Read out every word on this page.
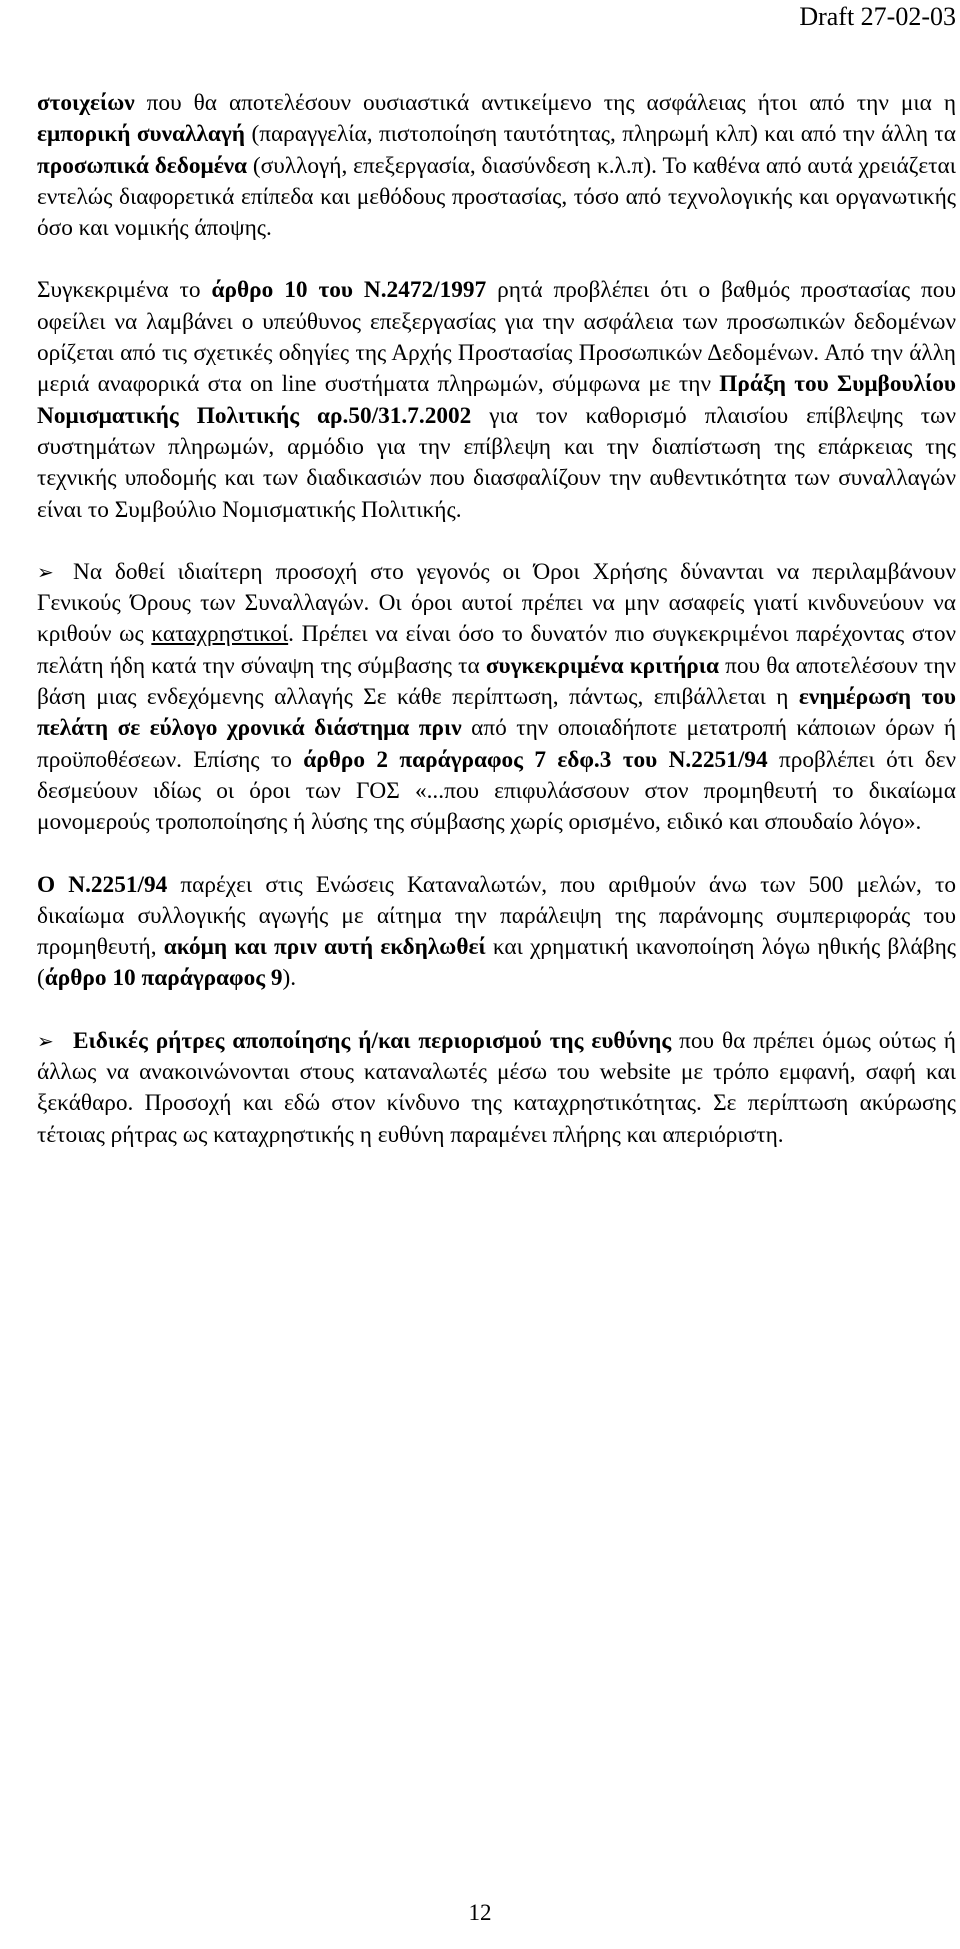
Draft 27-02-03

στοιχείων που θα αποτελέσουν ουσιαστικά αντικείμενο της ασφάλειας ήτοι από την μια η εμπορική συναλλαγή (παραγγελία, πιστοποίηση ταυτότητας, πληρωμή κλπ) και από την άλλη τα προσωπικά δεδομένα (συλλογή, επεξεργασία, διασύνδεση κ.λ.π). Το καθένα από αυτά χρειάζεται εντελώς διαφορετικά επίπεδα και μεθόδους προστασίας, τόσο από τεχνολογικής και οργανωτικής όσο και νομικής άποψης.

Συγκεκριμένα το άρθρο 10 του Ν.2472/1997 ρητά προβλέπει ότι ο βαθμός προστασίας που οφείλει να λαμβάνει ο υπεύθυνος επεξεργασίας για την ασφάλεια των προσωπικών δεδομένων ορίζεται από τις σχετικές οδηγίες της Αρχής Προστασίας Προσωπικών Δεδομένων. Από την άλλη μεριά αναφορικά στα on line συστήματα πληρωμών, σύμφωνα με την Πράξη του Συμβουλίου Νομισματικής Πολιτικής αρ.50/31.7.2002 για τον καθορισμό πλαισίου επίβλεψης των συστημάτων πληρωμών, αρμόδιο για την επίβλεψη και την διαπίστωση της επάρκειας της τεχνικής υποδομής και των διαδικασιών που διασφαλίζουν την αυθεντικότητα των συναλλαγών είναι το Συμβούλιο Νομισματικής Πολιτικής.

➢ Να δοθεί ιδιαίτερη προσοχή στο γεγονός οι Όροι Χρήσης δύνανται να περιλαμβάνουν Γενικούς Όρους των Συναλλαγών. Οι όροι αυτοί πρέπει να μην ασαφείς γιατί κινδυνεύουν να κριθούν ως καταχρηστικοί. Πρέπει να είναι όσο το δυνατόν πιο συγκεκριμένοι παρέχοντας στον πελάτη ήδη κατά την σύναψη της σύμβασης τα συγκεκριμένα κριτήρια που θα αποτελέσουν την βάση μιας ενδεχόμενης αλλαγής Σε κάθε περίπτωση, πάντως, επιβάλλεται η ενημέρωση του πελάτη σε εύλογο χρονικά διάστημα πριν από την οποιαδήποτε μετατροπή κάποιων όρων ή προϋποθέσεων. Επίσης το άρθρο 2 παράγραφος 7 εδφ.3 του Ν.2251/94 προβλέπει ότι δεν δεσμεύουν ιδίως οι όροι των ΓΟΣ «...που επιφυλάσσουν στον προμηθευτή το δικαίωμα μονομερούς τροποποίησης ή λύσης της σύμβασης χωρίς ορισμένο, ειδικό και σπουδαίο λόγο».

Ο Ν.2251/94 παρέχει στις Ενώσεις Καταναλωτών, που αριθμούν άνω των 500 μελών, το δικαίωμα συλλογικής αγωγής με αίτημα την παράλειψη της παράνομης συμπεριφοράς του προμηθευτή, ακόμη και πριν αυτή εκδηλωθεί και χρηματική ικανοποίηση λόγω ηθικής βλάβης (άρθρο 10 παράγραφος 9).

➢ Ειδικές ρήτρες αποποίησης ή/και περιορισμού της ευθύνης που θα πρέπει όμως ούτως ή άλλως να ανακοινώνονται στους καταναλωτές μέσω του website με τρόπο εμφανή, σαφή και ξεκάθαρο. Προσοχή και εδώ στον κίνδυνο της καταχρηστικότητας. Σε περίπτωση ακύρωσης τέτοιας ρήτρας ως καταχρηστικής η ευθύνη παραμένει πλήρης και απεριόριστη.

12
